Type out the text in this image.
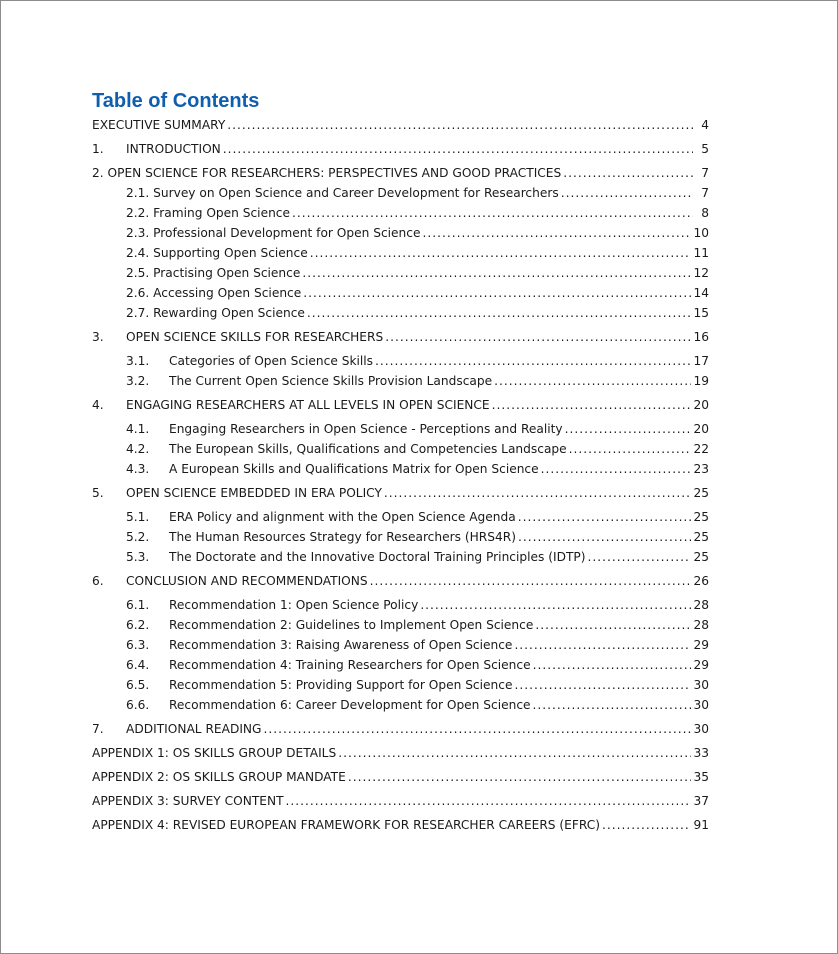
Table of Contents
EXECUTIVE SUMMARY .....	4
1.	INTRODUCTION .....	5
2. OPEN SCIENCE FOR RESEARCHERS: PERSPECTIVES AND GOOD PRACTICES .....	7
2.1. Survey on Open Science and Career Development for Researchers .....	7
2.2. Framing Open Science .....	8
2.3. Professional Development for Open Science .....	10
2.4. Supporting Open Science .....	11
2.5. Practising Open Science .....	12
2.6. Accessing Open Science .....	14
2.7. Rewarding Open Science .....	15
3.	OPEN SCIENCE SKILLS FOR RESEARCHERS .....	16
3.1.	Categories of Open Science Skills .....	17
3.2.	The Current Open Science Skills Provision Landscape .....	19
4.	ENGAGING RESEARCHERS AT ALL LEVELS IN OPEN SCIENCE .....	20
4.1.	Engaging Researchers in Open Science - Perceptions and Reality .....	20
4.2.	The European Skills, Qualifications and Competencies Landscape .....	22
4.3.	A European Skills and Qualifications Matrix for Open Science .....	23
5.	OPEN SCIENCE EMBEDDED IN ERA POLICY .....	25
5.1.	ERA Policy and alignment with the Open Science Agenda .....	25
5.2.	The Human Resources Strategy for Researchers (HRS4R) .....	25
5.3.	The Doctorate and the Innovative Doctoral Training Principles (IDTP) .....	25
6.	CONCLUSION AND RECOMMENDATIONS .....	26
6.1.	Recommendation 1: Open Science Policy .....	28
6.2.	Recommendation 2: Guidelines to Implement Open Science .....	28
6.3.	Recommendation 3: Raising Awareness of Open Science .....	29
6.4.	Recommendation 4: Training Researchers for Open Science .....	29
6.5.	Recommendation 5: Providing Support for Open Science .....	30
6.6.	Recommendation 6: Career Development for Open Science .....	30
7.	ADDITIONAL READING .....	30
APPENDIX 1: OS SKILLS GROUP DETAILS .....	33
APPENDIX 2: OS SKILLS GROUP MANDATE .....	35
APPENDIX 3: SURVEY CONTENT .....	37
APPENDIX 4: REVISED EUROPEAN FRAMEWORK FOR RESEARCHER CAREERS (EFRC) .....	91
